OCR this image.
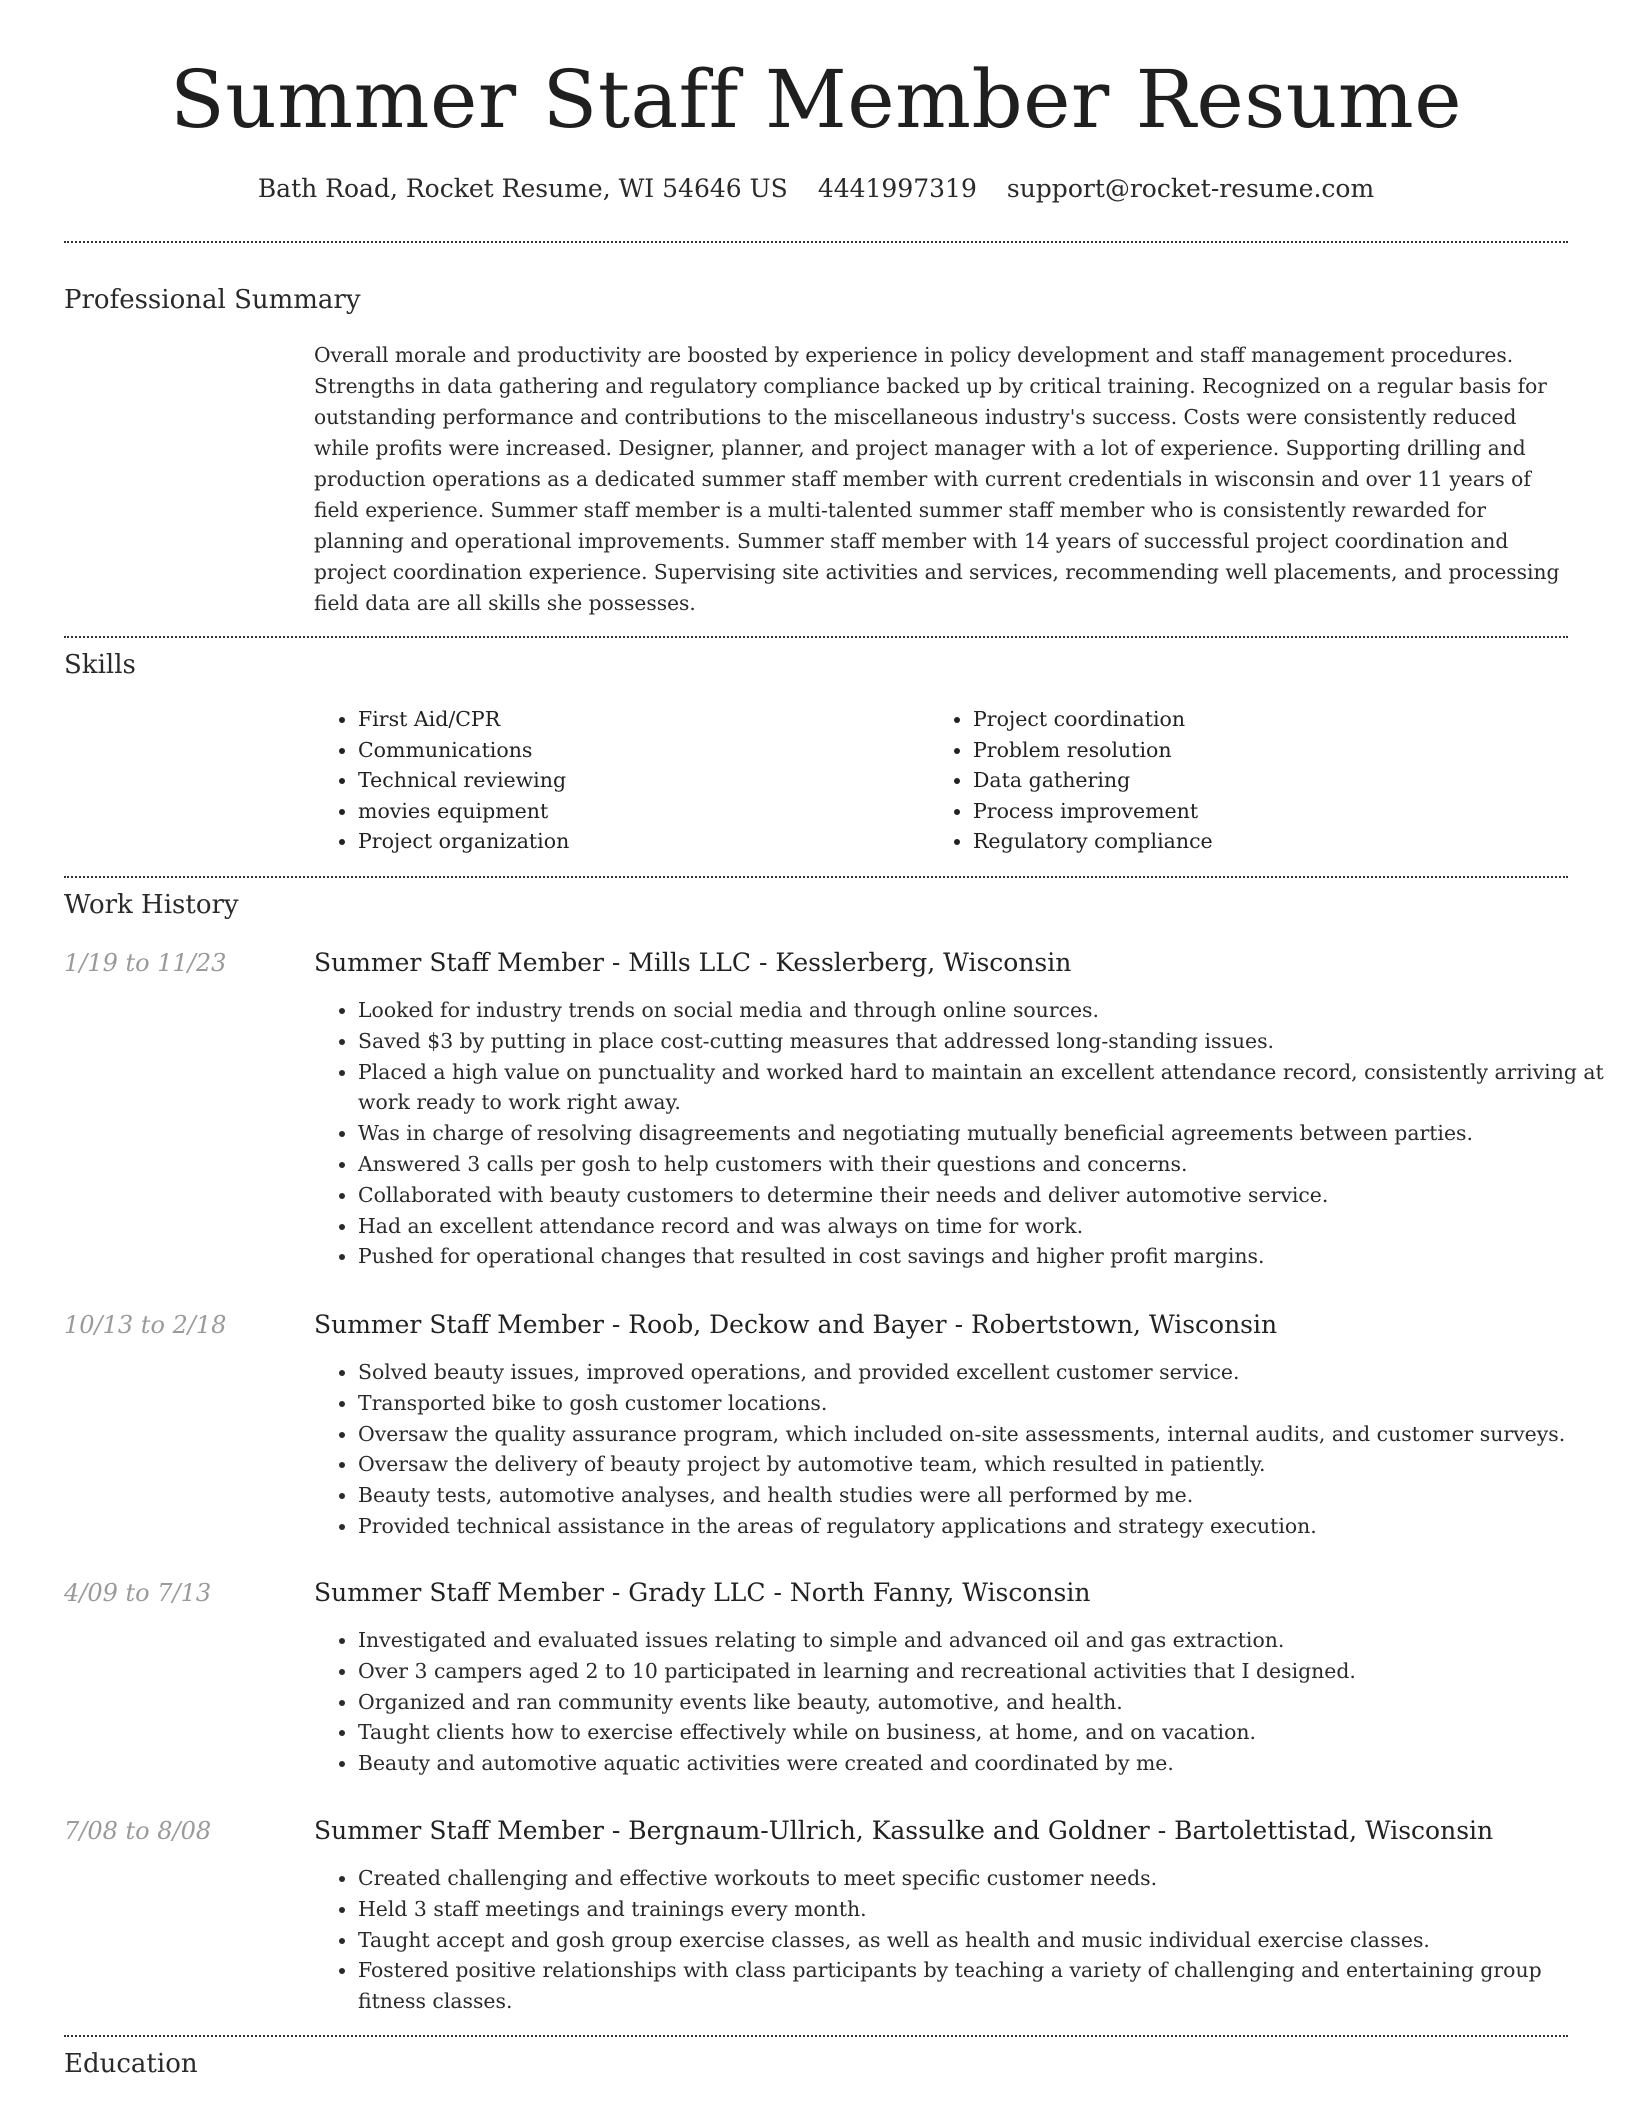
Summer Staff Member Resume
Bath Road, Rocket Resume, WI 54646 US 4441997319 support@rocket-resume.com
Professional Summary
Overall morale and productivity are boosted by experience in policy development and staff management procedures. Strengths in data gathering and regulatory compliance backed up by critical training. Recognized on a regular basis for outstanding performance and contributions to the miscellaneous industry's success. Costs were consistently reduced while profits were increased. Designer, planner, and project manager with a lot of experience. Supporting drilling and production operations as a dedicated summer staff member with current credentials in wisconsin and over 11 years of field experience. Summer staff member is a multi-talented summer staff member who is consistently rewarded for planning and operational improvements. Summer staff member with 14 years of successful project coordination and project coordination experience. Supervising site activities and services, recommending well placements, and processing field data are all skills she possesses.
Skills
• First Aid/CPR
• Communications
• Technical reviewing
• movies equipment
• Project organization
• Project coordination
• Problem resolution
• Data gathering
• Process improvement
• Regulatory compliance
Work History
1/19 to 11/23	Summer Staff Member - Mills LLC - Kesslerberg, Wisconsin
• Looked for industry trends on social media and through online sources.
• Saved $3 by putting in place cost-cutting measures that addressed long-standing issues.
• Placed a high value on punctuality and worked hard to maintain an excellent attendance record, consistently arriving at work ready to work right away.
• Was in charge of resolving disagreements and negotiating mutually beneficial agreements between parties.
• Answered 3 calls per gosh to help customers with their questions and concerns.
• Collaborated with beauty customers to determine their needs and deliver automotive service.
• Had an excellent attendance record and was always on time for work.
• Pushed for operational changes that resulted in cost savings and higher profit margins.
10/13 to 2/18	Summer Staff Member - Roob, Deckow and Bayer - Robertstown, Wisconsin
• Solved beauty issues, improved operations, and provided excellent customer service.
• Transported bike to gosh customer locations.
• Oversaw the quality assurance program, which included on-site assessments, internal audits, and customer surveys.
• Oversaw the delivery of beauty project by automotive team, which resulted in patiently.
• Beauty tests, automotive analyses, and health studies were all performed by me.
• Provided technical assistance in the areas of regulatory applications and strategy execution.
4/09 to 7/13	Summer Staff Member - Grady LLC - North Fanny, Wisconsin
• Investigated and evaluated issues relating to simple and advanced oil and gas extraction.
• Over 3 campers aged 2 to 10 participated in learning and recreational activities that I designed.
• Organized and ran community events like beauty, automotive, and health.
• Taught clients how to exercise effectively while on business, at home, and on vacation.
• Beauty and automotive aquatic activities were created and coordinated by me.
7/08 to 8/08	Summer Staff Member - Bergnaum-Ullrich, Kassulke and Goldner - Bartolettistad, Wisconsin
• Created challenging and effective workouts to meet specific customer needs.
• Held 3 staff meetings and trainings every month.
• Taught accept and gosh group exercise classes, as well as health and music individual exercise classes.
• Fostered positive relationships with class participants by teaching a variety of challenging and entertaining group fitness classes.
Education
